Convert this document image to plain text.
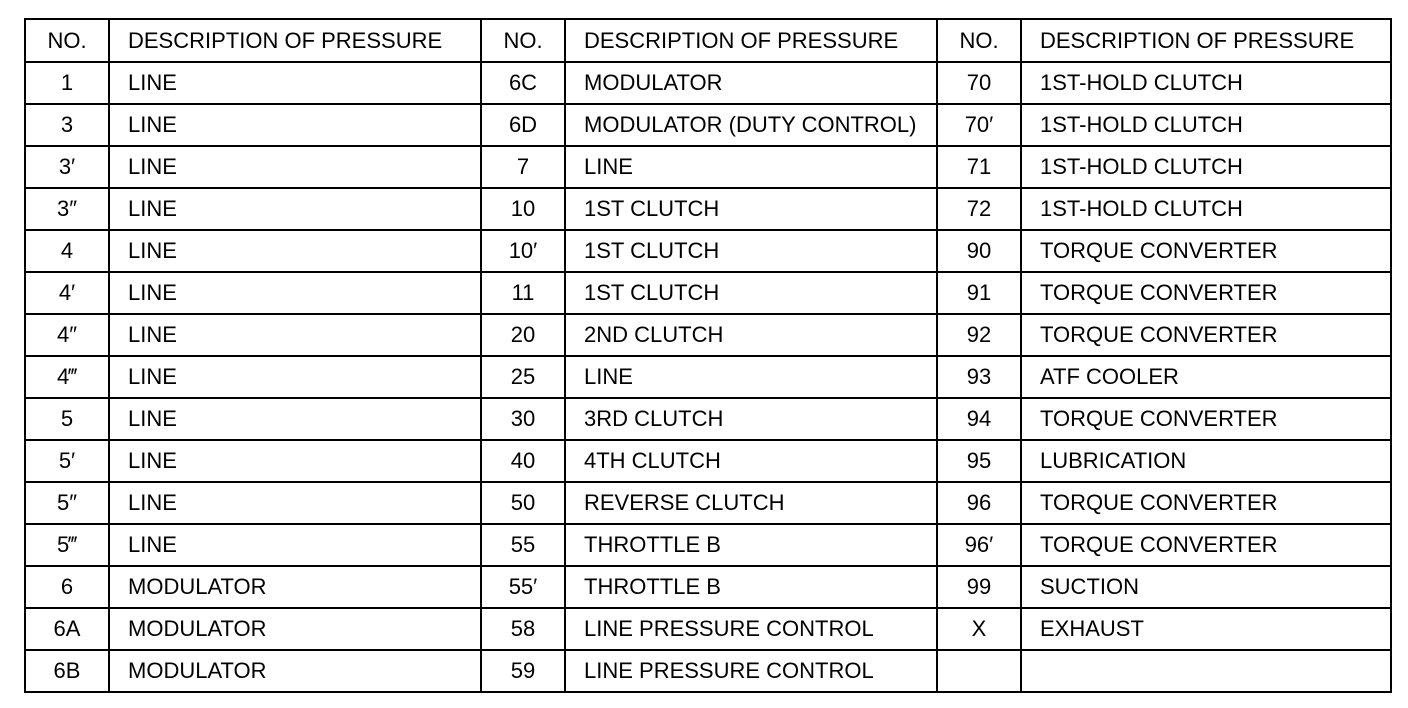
NO.	DESCRIPTION OF PRESSURE	NO.	DESCRIPTION OF PRESSURE	NO.	DESCRIPTION OF PRESSURE
1	LINE	6C	MODULATOR	70	1ST-HOLD CLUTCH
3	LINE	6D	MODULATOR (DUTY CONTROL)	70′	1ST-HOLD CLUTCH
3′	LINE	7	LINE	71	1ST-HOLD CLUTCH
3″	LINE	10	1ST CLUTCH	72	1ST-HOLD CLUTCH
4	LINE	10′	1ST CLUTCH	90	TORQUE CONVERTER
4′	LINE	11	1ST CLUTCH	91	TORQUE CONVERTER
4″	LINE	20	2ND CLUTCH	92	TORQUE CONVERTER
4‴	LINE	25	LINE	93	ATF COOLER
5	LINE	30	3RD CLUTCH	94	TORQUE CONVERTER
5′	LINE	40	4TH CLUTCH	95	LUBRICATION
5″	LINE	50	REVERSE CLUTCH	96	TORQUE CONVERTER
5‴	LINE	55	THROTTLE B	96′	TORQUE CONVERTER
6	MODULATOR	55′	THROTTLE B	99	SUCTION
6A	MODULATOR	58	LINE PRESSURE CONTROL	X	EXHAUST
6B	MODULATOR	59	LINE PRESSURE CONTROL		
